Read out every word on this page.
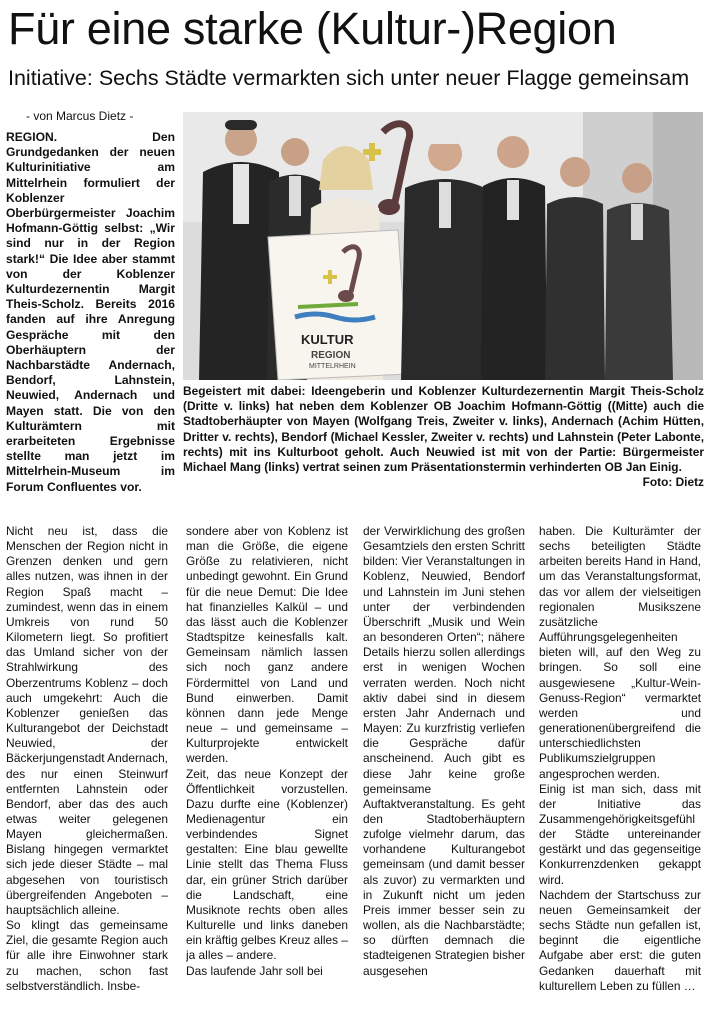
Für eine starke (Kultur-)Region
Initiative: Sechs Städte vermarkten sich unter neuer Flagge gemeinsam
- von Marcus Dietz -

REGION. Den Grundgedanken der neuen Kulturinitiative am Mittelrhein formuliert der Koblenzer Oberbürgermeister Joachim Hofmann-Göttig selbst: „Wir sind nur in der Region stark!“ Die Idee aber stammt von der Koblenzer Kulturdezernentin Margit Theis-Scholz. Bereits 2016 fanden auf ihre Anregung Gespräche mit den Oberhäuptern der Nachbarstädte Andernach, Bendorf, Lahnstein, Neuwied, Andernach und Mayen statt. Die von den Kulturämtern mit erarbeiteten Ergebnisse stellte man jetzt im Mittelrhein-Museum im Forum Confluentes vor.

KULTUR
REGION
MITTELRHEIN

Begeistert mit dabei: Ideengeberin und Koblenzer Kulturdezernentin Margit Theis-Scholz (Dritte v. links) hat neben dem Koblenzer OB Joachim Hofmann-Göttig ((Mitte) auch die Stadtoberhäupter von Mayen (Wolfgang Treis, Zweiter v. links), Andernach (Achim Hütten, Dritter v. rechts), Bendorf (Michael Kessler, Zweiter v. rechts) und Lahnstein (Peter Labonte, rechts) mit ins Kulturboot geholt. Auch Neuwied ist mit von der Partie: Bürgermeister Michael Mang (links) vertrat seinen zum Präsentationstermin verhinderten OB Jan Einig.
Foto: Dietz

Nicht neu ist, dass die Menschen der Region nicht in Grenzen denken und gern alles nutzen, was ihnen in der Region Spaß macht – zumindest, wenn das in einem Umkreis von rund 50 Kilometern liegt. So profitiert das Umland sicher von der Strahlwirkung des Oberzentrums Koblenz – doch auch umgekehrt: Auch die Koblenzer genießen das Kulturangebot der Deichstadt Neuwied, der Bäckerjungenstadt Andernach, des nur einen Steinwurf entfernten Lahnstein oder Bendorf, aber das des auch etwas weiter gelegenen Mayen gleichermaßen. Bislang hingegen vermarktet sich jede dieser Städte – mal abgesehen von touristisch übergreifenden Angeboten – hauptsächlich alleine.

So klingt das gemeinsame Ziel, die gesamte Region auch für alle ihre Einwohner stark zu machen, schon fast selbstverständlich. Insbe-

sondere aber von Koblenz ist man die Größe, die eigene Größe zu relativieren, nicht unbedingt gewohnt. Ein Grund für die neue Demut: Die Idee hat finanzielles Kalkül – und das lässt auch die Koblenzer Stadtspitze keinesfalls kalt. Gemeinsam nämlich lassen sich noch ganz andere Fördermittel von Land und Bund einwerben. Damit können dann jede Menge neue – und gemeinsame – Kulturprojekte entwickelt werden.

Zeit, das neue Konzept der Öffentlichkeit vorzustellen. Dazu durfte eine (Koblenzer) Medienagentur ein verbindendes Signet gestalten: Eine blau gewellte Linie stellt das Thema Fluss dar, ein grüner Strich darüber die Landschaft, eine Musiknote rechts oben alles Kulturelle und links daneben ein kräftig gelbes Kreuz alles – ja alles – andere.

Das laufende Jahr soll bei

der Verwirklichung des großen Gesamtziels den ersten Schritt bilden: Vier Veranstaltungen in Koblenz, Neuwied, Bendorf und Lahnstein im Juni stehen unter der verbindenden Überschrift „Musik und Wein an besonderen Orten“; nähere Details hierzu sollen allerdings erst in wenigen Wochen verraten werden. Noch nicht aktiv dabei sind in diesem ersten Jahr Andernach und Mayen: Zu kurzfristig verliefen die Gespräche dafür anscheinend. Auch gibt es diese Jahr keine große gemeinsame Auftaktveranstaltung. Es geht den Stadtoberhäuptern zufolge vielmehr darum, das vorhandene Kulturangebot gemeinsam (und damit besser als zuvor) zu vermarkten und in Zukunft nicht um jeden Preis immer besser sein zu wollen, als die Nachbarstädte; so dürften demnach die stadteigenen Strategien bisher ausgesehen

haben. Die Kulturämter der sechs beteiligten Städte arbeiten bereits Hand in Hand, um das Veranstaltungsformat, das vor allem der vielseitigen regionalen Musikszene zusätzliche Aufführungsgelegenheiten bieten will, auf den Weg zu bringen. So soll eine ausgewiesene „Kultur-Wein-Genuss-Region“ vermarktet werden und generationenübergreifend die unterschiedlichsten Publikumszielgruppen angesprochen werden.

Einig ist man sich, dass mit der Initiative das Zusammengehörigkeitsgefühl der Städte untereinander gestärkt und das gegenseitige Konkurrenzdenken gekappt wird.

Nachdem der Startschuss zur neuen Gemeinsamkeit der sechs Städte nun gefallen ist, beginnt die eigentliche Aufgabe aber erst: die guten Gedanken dauerhaft mit kulturellem Leben zu füllen …
